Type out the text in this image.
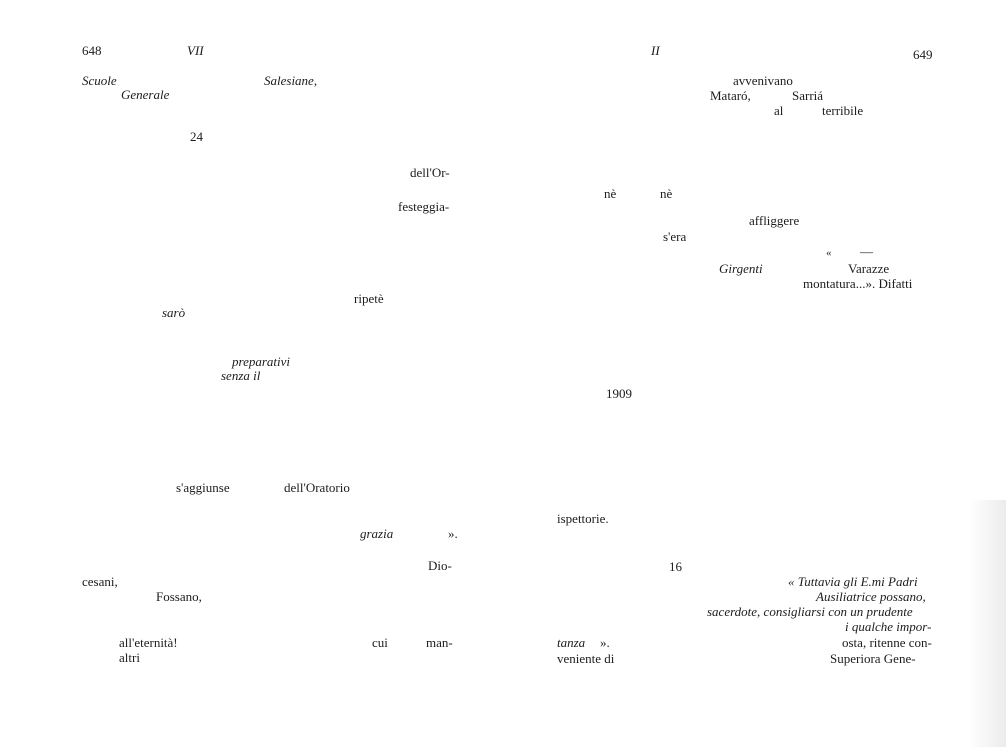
648	VII
Scuole	Salesiane,
Generale
24
dell'Or-
festeggia-
ripetè
sarò
preparativi
senza il
s'aggiunse	dell'Oratorio
grazia	».
Dio-
cesani,
Fossano,
all'eternità!	cui	man-
altri
II	649
avvenivano
Mataró,	Sarriá
al	terribile
nè	nè
affliggere
s'era
« —
Girgenti	Varazze
montatura...». Difatti
1909
ispettorie.
16
« Tuttavia gli E.mi Padri
Ausiliatrice possano,
sacerdote, consigliarsi con un prudente
i qualche impor-
tanza ».	osta, ritenne con-
veniente di	Superiora Gene-
